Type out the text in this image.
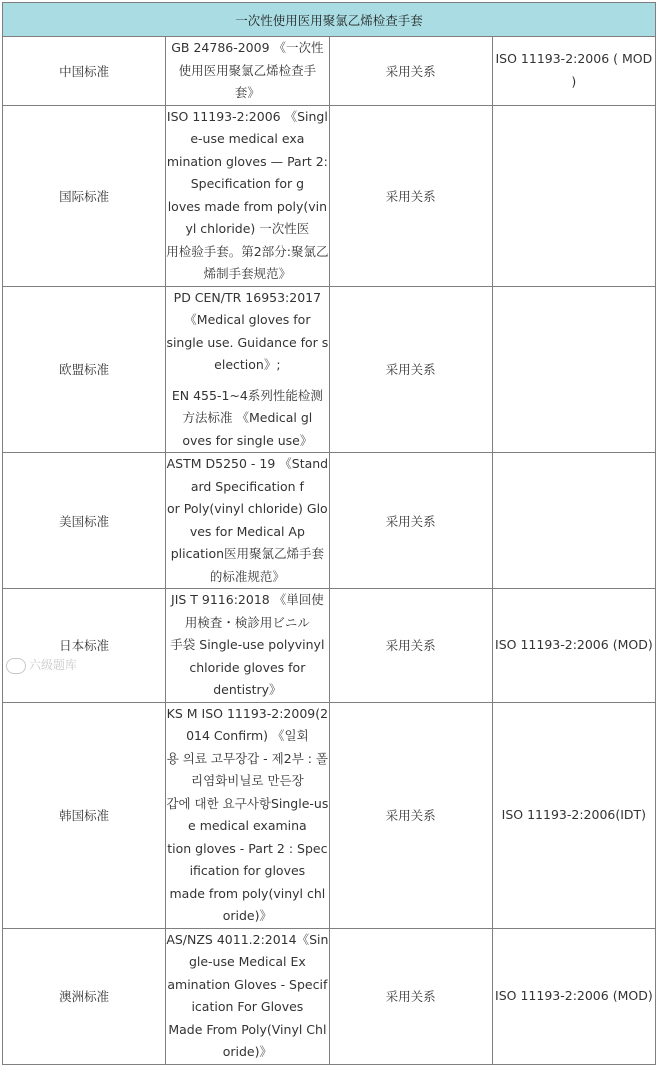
一次性使用医用聚氯乙烯检查手套			
中国标准	GB 24786-2009 《一次性使用医用聚氯乙烯检查手
套》	采用关系	ISO 11193-2:2006 ( MOD )
国际标准	ISO 11193-2:2006 《Single-use medical exa
mination gloves — Part 2: Specification for g
loves made from poly(vinyl chloride) 一次性医
用检验手套。第2部分:聚氯乙烯制手套规范》	采用关系	
欧盟标准	PD CEN/TR 16953:2017《Medical gloves for
single use. Guidance for selection》;
EN 455-1~4系列性能检测方法标准 《Medical gl
oves for single use》	采用关系	
美国标准	ASTM D5250 - 19 《Standard Specification f
or Poly(vinyl chloride) Gloves for Medical Ap
plication医用聚氯乙烯手套的标准规范》	采用关系	
日本标准	JIS T 9116:2018 《単回使用検査・検診用ビニル
手袋 Single-use polyvinyl chloride gloves for
dentistry》	采用关系	ISO 11193-2:2006 (MOD)
韩国标准	KS M ISO 11193-2:2009(2014 Confirm) 《일회
용 의료 고무장갑 - 제2부 : 폴리염화비닐로 만든장
갑에 대한 요구사항Single-use medical examina
tion gloves - Part 2 : Specification for gloves
made from poly(vinyl chloride)》	采用关系	ISO 11193-2:2006(IDT)
澳洲标准	AS/NZS 4011.2:2014《Single-use Medical Ex
amination Gloves - Specification For Gloves
Made From Poly(Vinyl Chloride)》	采用关系	ISO 11193-2:2006 (MOD)
六级题库
